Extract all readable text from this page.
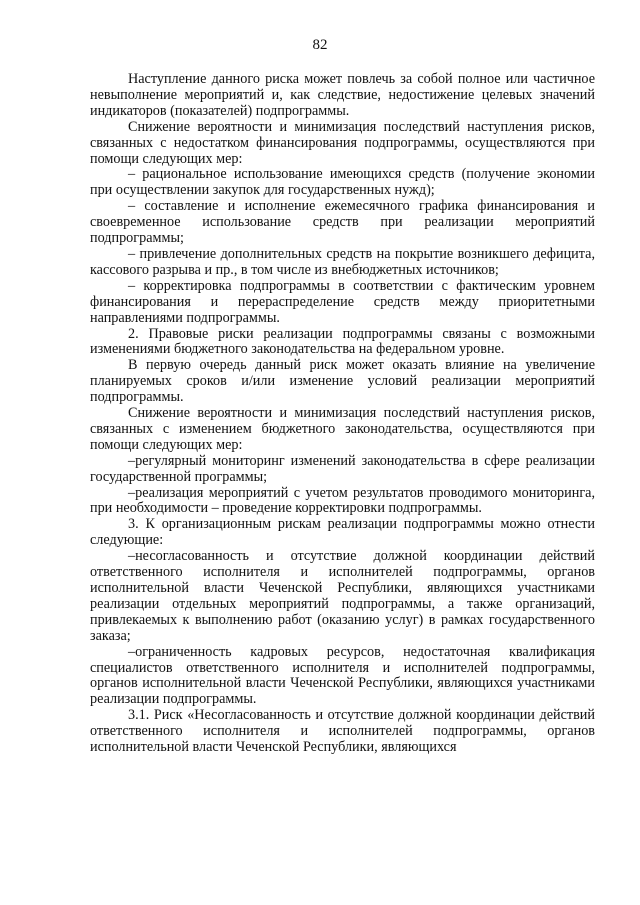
82

Наступление данного риска может повлечь за собой полное или частичное невыполнение мероприятий и, как следствие, недостижение целевых значений индикаторов (показателей) подпрограммы.

Снижение вероятности и минимизация последствий наступления рисков, связанных с недостатком финансирования подпрограммы, осуществляются при помощи следующих мер:

– рациональное использование имеющихся средств (получение экономии при осуществлении закупок для государственных нужд);

– составление и исполнение ежемесячного графика финансирования и своевременное использование средств при реализации мероприятий подпрограммы;

– привлечение дополнительных средств на покрытие возникшего дефицита, кассового разрыва и пр., в том числе из внебюджетных источников;

– корректировка подпрограммы в соответствии с фактическим уровнем финансирования и перераспределение средств между приоритетными направлениями подпрограммы.

2. Правовые риски реализации подпрограммы связаны с возможными изменениями бюджетного законодательства на федеральном уровне.

В первую очередь данный риск может оказать влияние на увеличение планируемых сроков и/или изменение условий реализации мероприятий подпрограммы.

Снижение вероятности и минимизация последствий наступления рисков, связанных с изменением бюджетного законодательства, осуществляются при помощи следующих мер:

–регулярный мониторинг изменений законодательства в сфере реализации государственной программы;

–реализация мероприятий с учетом результатов проводимого мониторинга, при необходимости – проведение корректировки подпрограммы.

3. К организационным рискам реализации подпрограммы можно отнести следующие:

–несогласованность и отсутствие должной координации действий ответственного исполнителя и исполнителей подпрограммы, органов исполнительной власти Чеченской Республики, являющихся участниками реализации отдельных мероприятий подпрограммы, а также организаций, привлекаемых к выполнению работ (оказанию услуг) в рамках государственного заказа;

–ограниченность кадровых ресурсов, недостаточная квалификация специалистов ответственного исполнителя и исполнителей подпрограммы, органов исполнительной власти Чеченской Республики, являющихся участниками реализации подпрограммы.

3.1. Риск «Несогласованность и отсутствие должной координации действий ответственного исполнителя и исполнителей подпрограммы, органов исполнительной власти Чеченской Республики, являющихся
